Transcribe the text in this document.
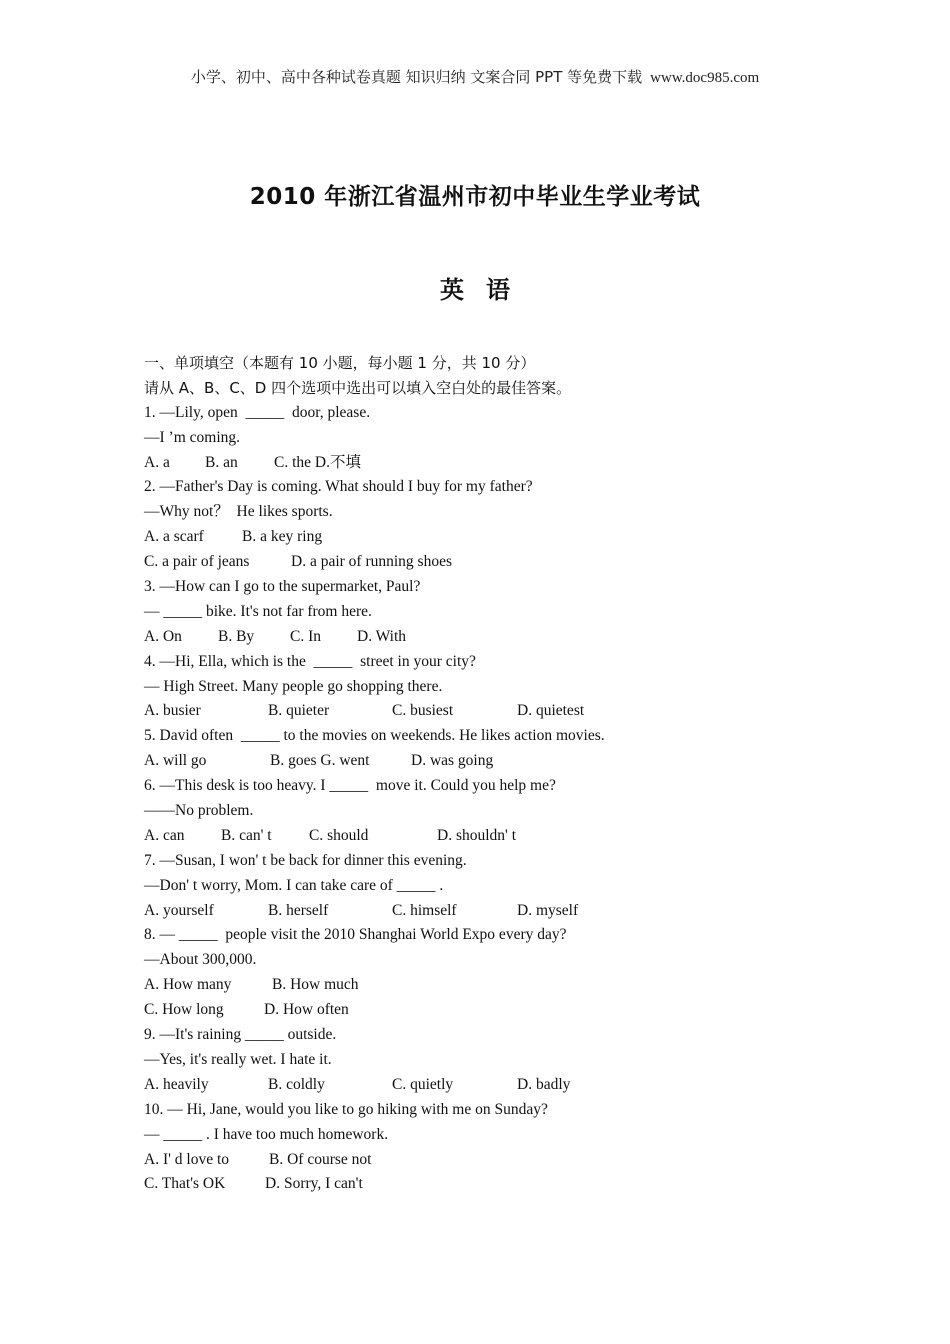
小学、初中、高中各种试卷真题 知识归纳 文案合同 PPT 等免费下载 www.doc985.com
2010 年浙江省温州市初中毕业生学业考试
英语
一、单项填空（本题有 10 小题，每小题 1 分，共 10 分）
请从 A、B、C、D 四个选项中选出可以填入空白处的最佳答案。
1. —Lily, open  _____  door, please.
—I ’m coming.
A. a B. an C. the D.不填
2. —Father's Day is coming. What should I buy for my father?
—Why not？  He likes sports.
A. a scarf B. a key ring
C. a pair of jeans	D. a pair of running shoes
3. —How can I go to the supermarket, Paul?
— _____ bike. It's not far from here.
A. On B. By C. In D. With
4. —Hi, Ella, which is the  _____  street in your city?
— High Street. Many people go shopping there.
A. busier	B. quieter	C. busiest	D. quietest
5. David often  _____ to the movies on weekends. He likes action movies.
A. will go	B. goes G. went	D. was going
6. —This desk is too heavy. I _____  move it. Could you help me?
——No problem.
A. can B. can' t C. should	D. shouldn' t
7. —Susan, I won' t be back for dinner this evening.
—Don' t worry, Mom. I can take care of _____ .
A. yourself	B. herself	C. himself	D. myself
8. — _____  people visit the 2010 Shanghai World Expo every day?
—About 300,000.
A. How many	B. How much
C. How long	D. How often
9. —It's raining _____ outside.
—Yes, it's really wet. I hate it.
A. heavily	B. coldly	C. quietly	D. badly
10. — Hi, Jane, would you like to go hiking with me on Sunday?
— _____ . I have too much homework.
A. I' d love to	B. Of course not
C. That's OK	D. Sorry, I can't
